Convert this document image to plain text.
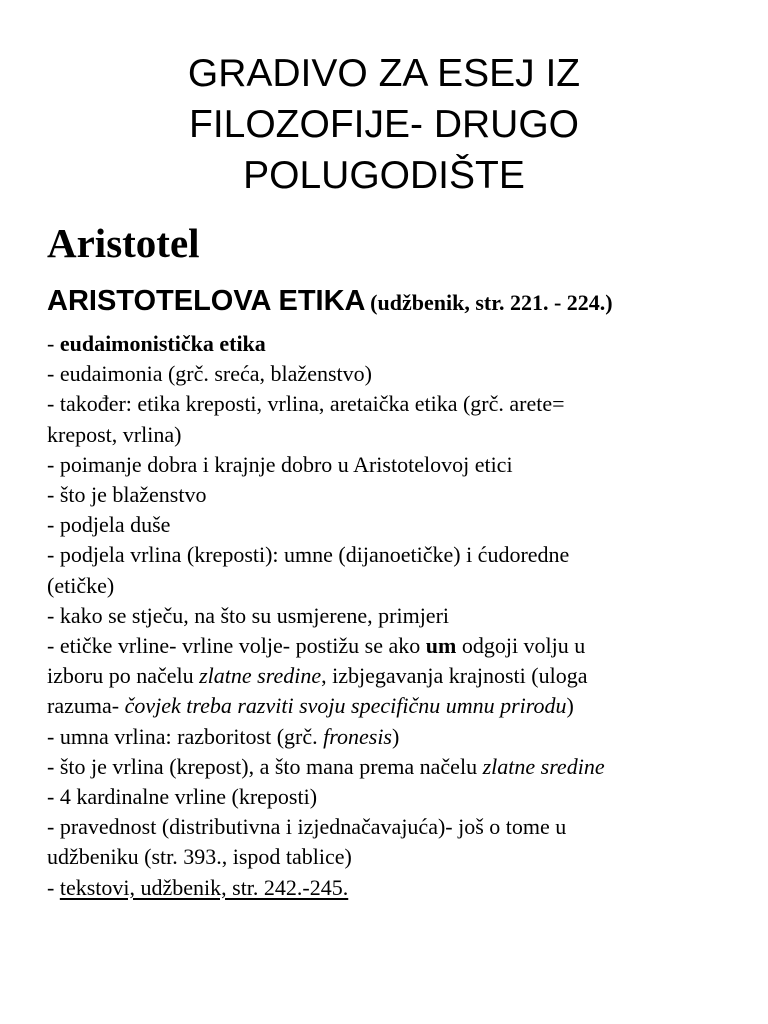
GRADIVO ZA ESEJ IZ
FILOZOFIJE- DRUGO
POLUGODIŠTE
Aristotel
ARISTOTELOVA ETIKA (udžbenik, str. 221. - 224.)
- eudaimonistička etika
- eudaimonia (grč. sreća, blaženstvo)
- također: etika kreposti, vrlina, aretaička etika (grč. arete=
krepost, vrlina)
- poimanje dobra i krajnje dobro u Aristotelovoj etici
- što je blaženstvo
- podjela duše
- podjela vrlina (kreposti): umne (dijanoetičke) i ćudoredne
(etičke)
- kako se stječu, na što su usmjerene, primjeri
- etičke vrline- vrline volje- postižu se ako um odgoji volju u
izboru po načelu zlatne sredine, izbjegavanja krajnosti (uloga
razuma- čovjek treba razviti svoju specifičnu umnu prirodu)
- umna vrlina: razboritost (grč. fronesis)
- što je vrlina (krepost), a što mana prema načelu zlatne sredine
- 4 kardinalne vrline (kreposti)
- pravednost (distributivna i izjednačavajuća)- još o tome u
udžbeniku (str. 393., ispod tablice)
- tekstovi, udžbenik, str. 242.-245.
